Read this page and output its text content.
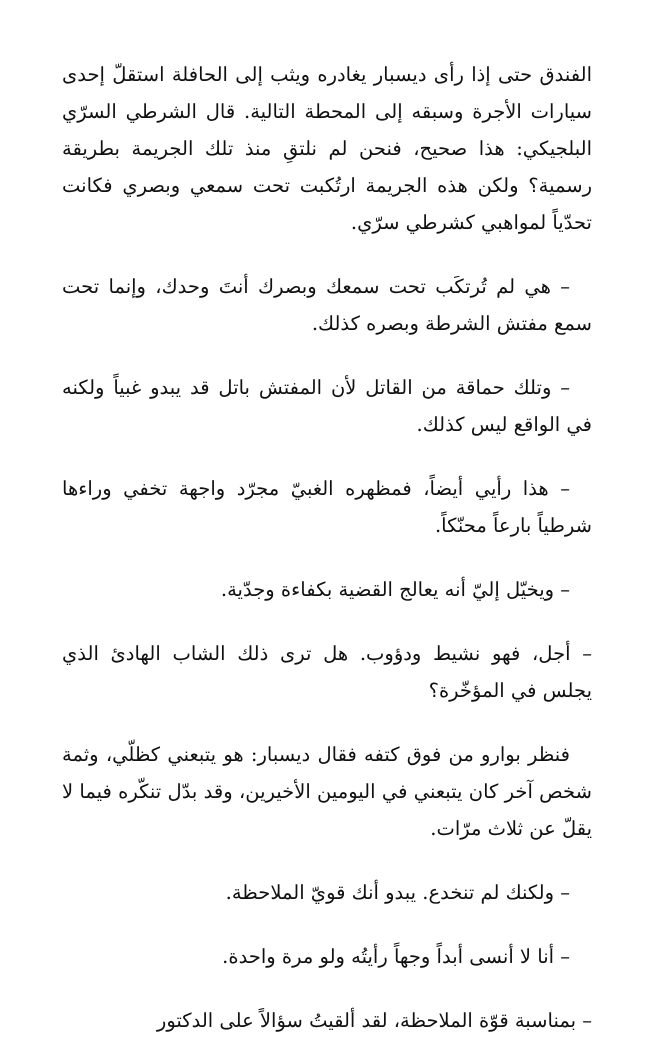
الفندق حتى إذا رأى ديسبار يغادره ويثب إلى الحافلة استقلّ إحدى سيارات الأجرة وسبقه إلى المحطة التالية. قال الشرطي السرّي البلجيكي: هذا صحيح، فنحن لم نلتقِ منذ تلك الجريمة بطريقة رسمية؟ ولكن هذه الجريمة ارتُكبت تحت سمعي وبصري فكانت تحدّياً لمواهبي كشرطي سرّي.

– هي لم تُرتكَب تحت سمعك وبصرك أنتَ وحدك، وإنما تحت سمع مفتش الشرطة وبصره كذلك.

– وتلك حماقة من القاتل لأن المفتش باتل قد يبدو غبياً ولكنه في الواقع ليس كذلك.

– هذا رأيي أيضاً، فمظهره الغبيّ مجرّد واجهة تخفي وراءها شرطياً بارعاً محنّكاً.

– ويخيّل إليّ أنه يعالج القضية بكفاءة وجدّية.

– أجل، فهو نشيط ودؤوب. هل ترى ذلك الشاب الهادئ الذي يجلس في المؤخّرة؟

فنظر بوارو من فوق كتفه فقال ديسبار: هو يتبعني كظلّي، وثمة شخص آخر كان يتبعني في اليومين الأخيرين، وقد بدّل تنكّره فيما لا يقلّ عن ثلاث مرّات.

– ولكنك لم تنخدع. يبدو أنك قويّ الملاحظة.

– أنا لا أنسى أبداً وجهاً رأيتُه ولو مرة واحدة.

– بمناسبة قوّة الملاحظة، لقد ألقيتُ سؤالاً على الدكتور
